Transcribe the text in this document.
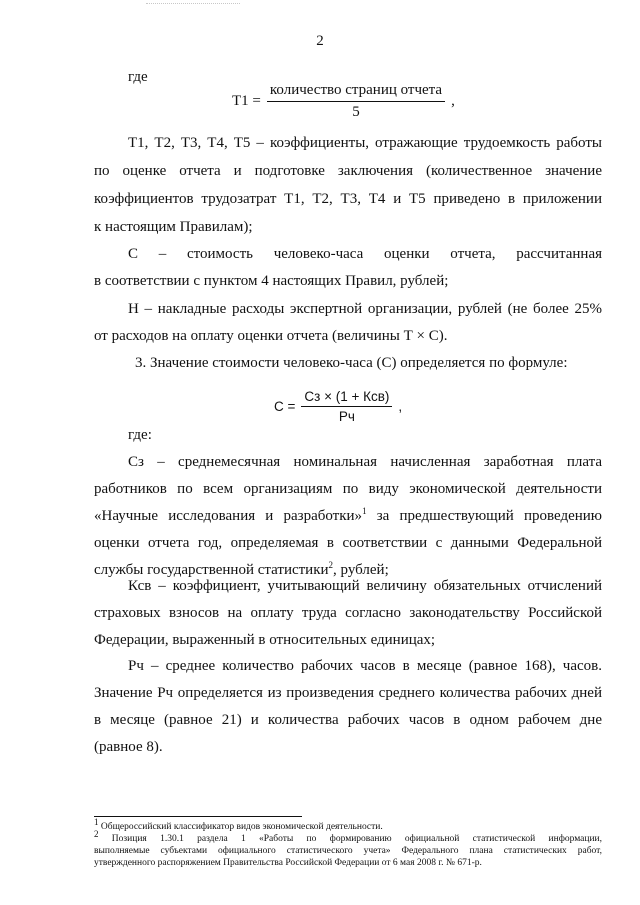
2
где
$Т1 = \frac{\text{количество страниц отчета}}{5}$ ,
Т1, Т2, Т3, Т4, Т5 – коэффициенты, отражающие трудоемкость работы
по оценке отчета и подготовке заключения (количественное значение
коэффициентов трудозатрат Т1, Т2, Т3, Т4 и Т5 приведено в приложении
к настоящим Правилам);
С – стоимость человеко-часа оценки отчета, рассчитанная
в соответствии с пунктом 4 настоящих Правил, рублей;
Н – накладные расходы экспертной организации, рублей (не более 25%
от расходов на оплату оценки отчета (величины Т × С).
3. Значение стоимости человеко-часа (С) определяется по формуле:
$С = \frac{\text{Сз × (1 + Ксв)}}{Рч}$ ,
где:
Сз – среднемесячная номинальная начисленная заработная плата
работников по всем организациям по виду экономической деятельности
«Научные исследования и разработки»$^1$ за предшествующий проведению
оценки отчета год, определяемая в соответствии с данными Федеральной
службы государственной статистики$^2$, рублей;
Ксв – коэффициент, учитывающий величину обязательных отчислений
страховых взносов на оплату труда согласно законодательству Российской
Федерации, выраженный в относительных единицах;
Рч – среднее количество рабочих часов в месяце (равное 168), часов.
Значение Рч определяется из произведения среднего количества рабочих дней
в месяце (равное 21) и количества рабочих часов в одном рабочем дне
(равное 8).
$^1$ Общероссийский классификатор видов экономической деятельности.
$^2$ Позиция 1.30.1 раздела 1 «Работы по формированию официальной статистической информации,
выполняемые субъектами официального статистического учета» Федерального плана статистических работ,
утвержденного распоряжением Правительства Российской Федерации от 6 мая 2008 г. № 671-р.
